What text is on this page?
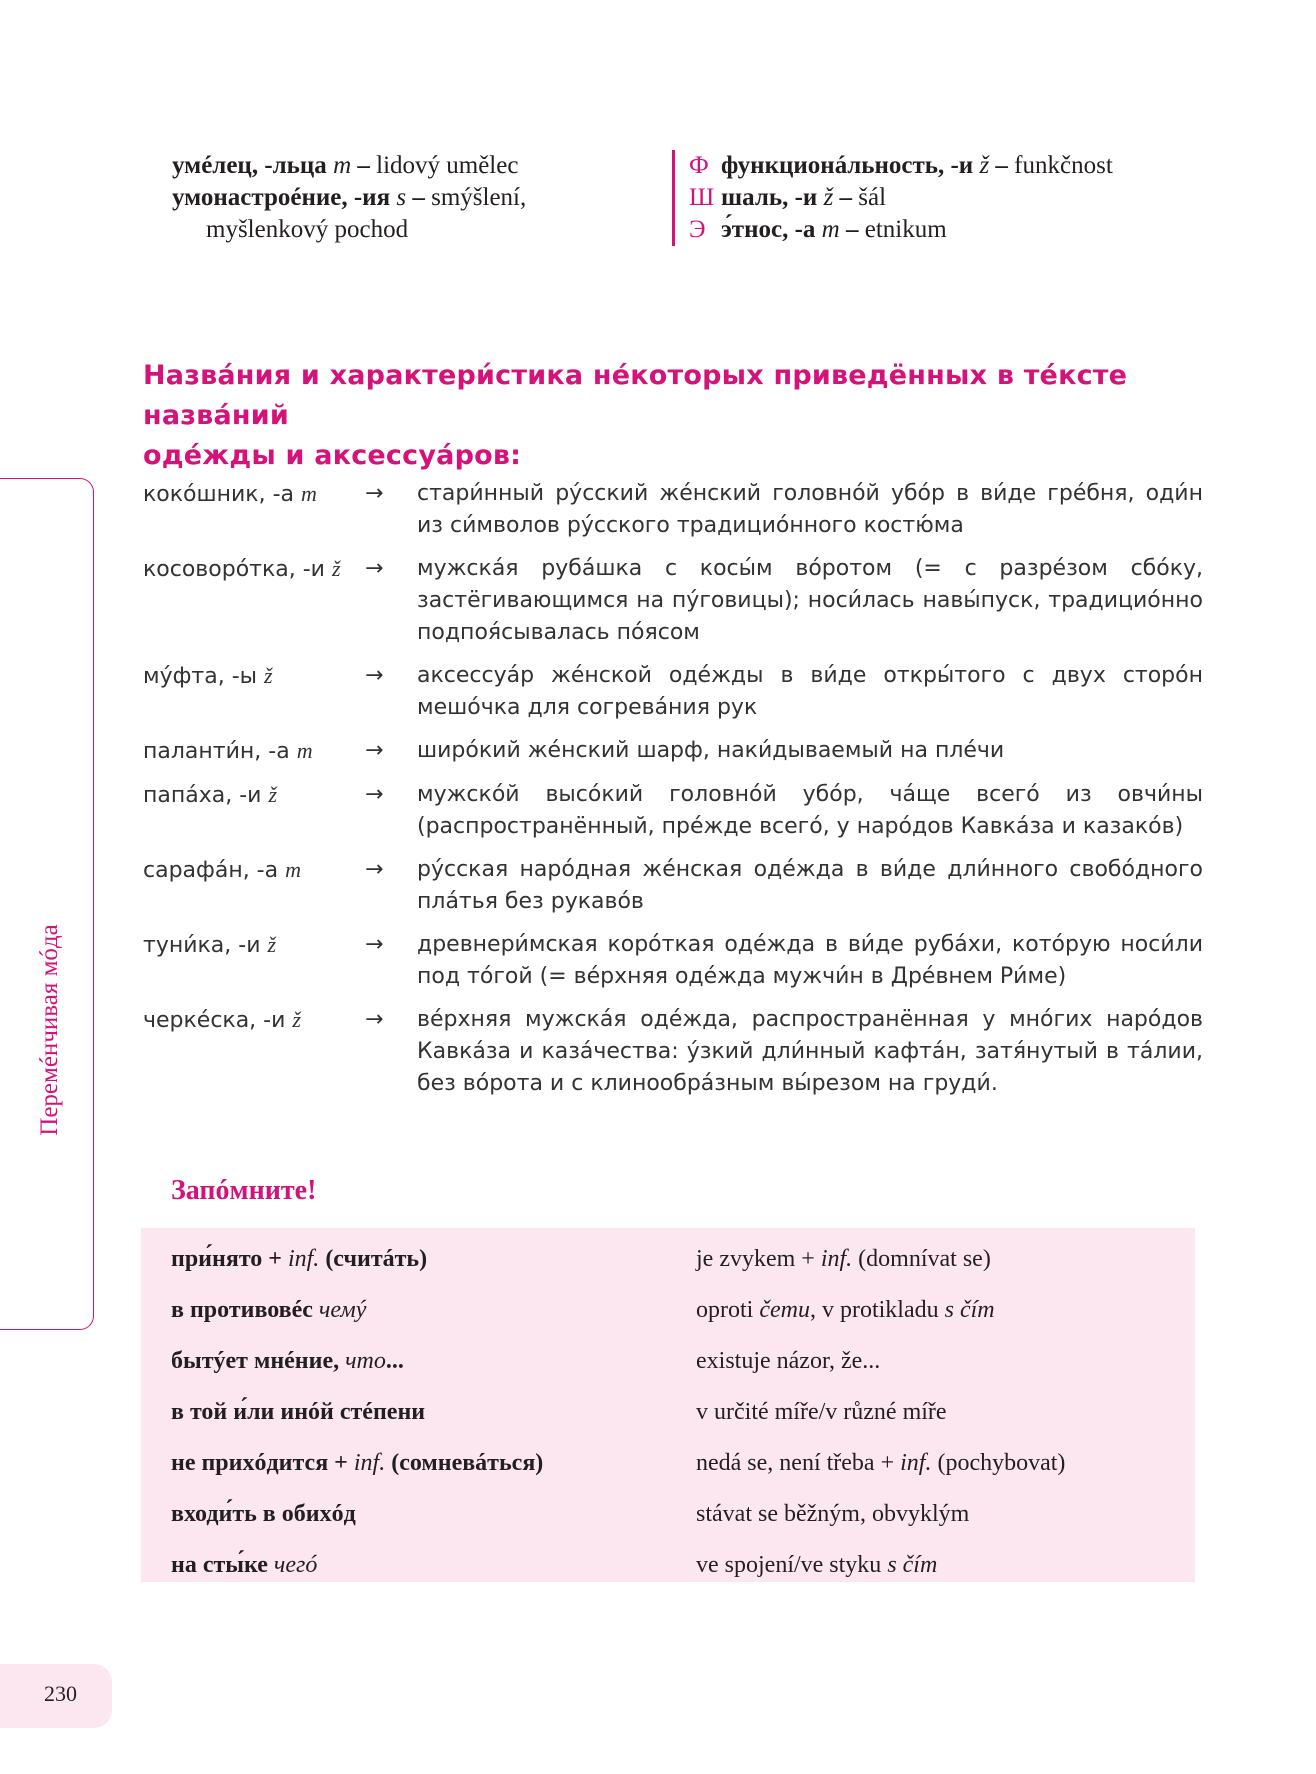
умéлец, -льца m – lidový umělec
умонастроéние, -ия s – smýšlení,
myšlenkový pochod
Ф функционáльность, -и ž – funkčnost
Ш шаль, -и ž – šál
Э э́тнос, -а m – etnikum
Назвáния и характери́стика нéкоторых приведённых в тéксте назвáний
одéжды и аксессуáров:
Перемéнчивая мóда
кокóшник, -а m	→	стари́нный рýсский жéнский головнóй убóр в ви́де грéбня, оди́н из си́мволов рýсского традициóнного костю́ма
косоворóтка, -и ž	→	мужскáя рубáшка с косы́м вóротом (= с разрéзом сбóку, застёгивающимся на пýговицы); носи́лась навы́пуск, традициóнно подпоя́сывалась пóясом
мýфта, -ы ž	→	аксессуáр жéнской одéжды в ви́де откры́того с двух сторóн мешóчка для согревáния рук
паланти́н, -а m	→	ширóкий жéнский шарф, наки́дываемый на плéчи
папáха, -и ž	→	мужскóй высóкий головнóй убóр, чáще всегó из овчи́ны (распространённый, прéжде всегó, у нарóдов Кавкáза и казакóв)
сарафáн, -а m	→	рýсская нарóдная жéнская одéжда в ви́де дли́нного свобóдного плáтья без рукавóв
туни́ка, -и ž	→	древнери́мская корóткая одéжда в ви́де рубáхи, котóрую носи́ли под тóгой (= вéрхняя одéжда мужчи́н в Дрéвнем Ри́ме)
черкéска, -и ž	→	вéрхняя мужскáя одéжда, распространённая у мнóгих нарóдов Кавкáза и казáчества: ýзкий дли́нный кафтáн, затя́нутый в тáлии, без вóрота и с клинообрáзным вы́резом на груди́.
Запóмните!
при́нято + inf. (считáть)	je zvykem + inf. (domnívat se)
в противовéс чемý	oproti čemu, v protikladu s čím
бытýет мнéние, что...	existuje názor, že...
в той и́ли инóй стéпени	v určité míře/v různé míře
не прихóдится + inf. (сомневáться)	nedá se, není třeba + inf. (pochybovat)
входи́ть в обихóд	stávat se běžným, obvyklým
на сты́ке чегó	ve spojení/ve styku s čím
230
